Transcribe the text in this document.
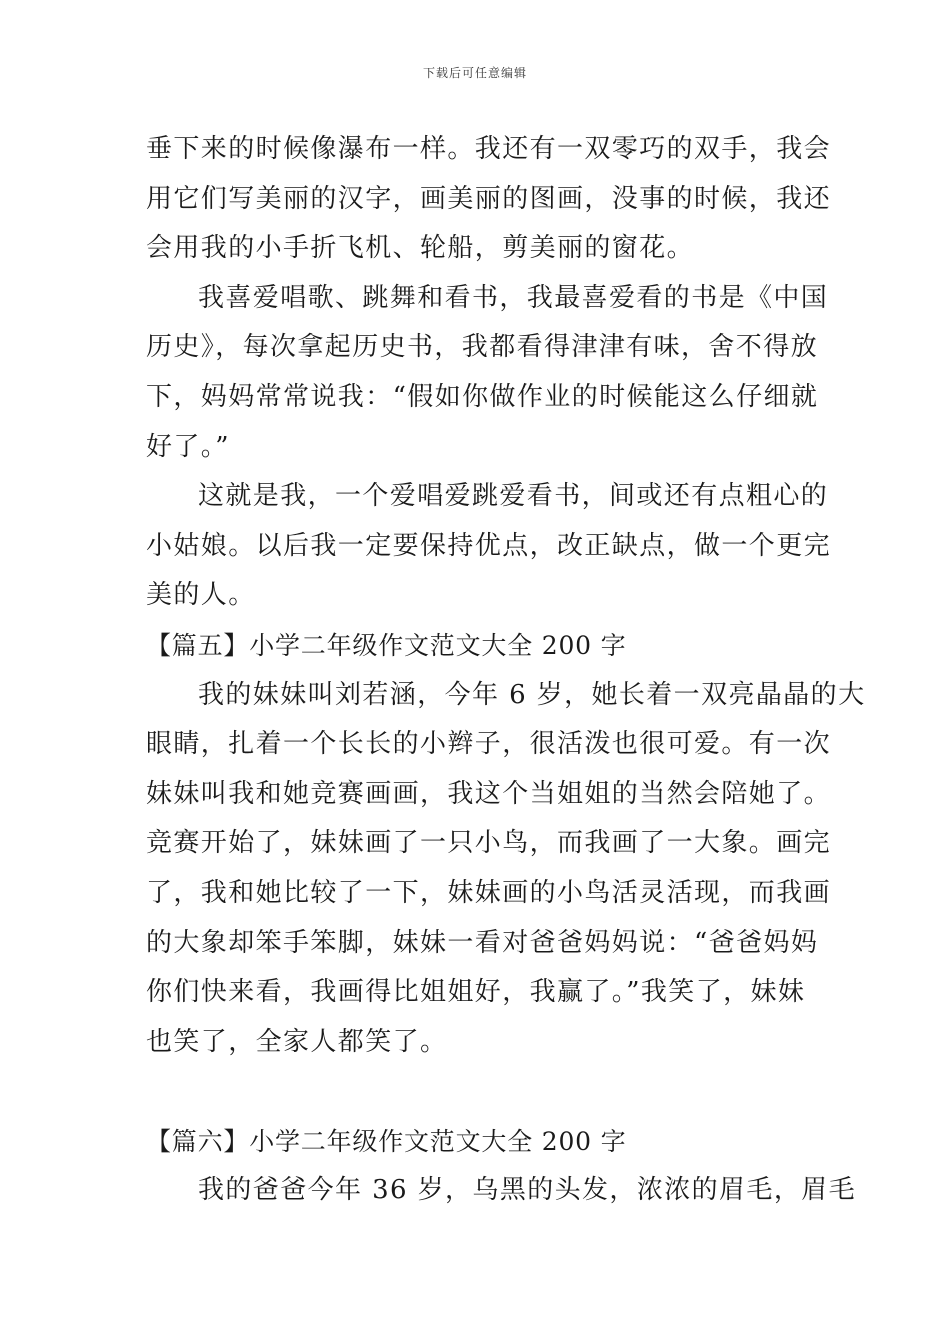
下载后可任意编辑
垂下来的时候像瀑布一样。我还有一双零巧的双手，我会
用它们写美丽的汉字，画美丽的图画，没事的时候，我还
会用我的小手折飞机、轮船，剪美丽的窗花。
我喜爱唱歌、跳舞和看书，我最喜爱看的书是《中国
历史》，每次拿起历史书，我都看得津津有味，舍不得放
下，妈妈常常说我：“假如你做作业的时候能这么仔细就
好了。”
这就是我，一个爱唱爱跳爱看书，间或还有点粗心的
小姑娘。以后我一定要保持优点，改正缺点，做一个更完
美的人。
【篇五】小学二年级作文范文大全 200 字
我的妹妹叫刘若涵，今年 6 岁，她长着一双亮晶晶的大
眼睛，扎着一个长长的小辫子，很活泼也很可爱。有一次
妹妹叫我和她竞赛画画，我这个当姐姐的当然会陪她了。
竞赛开始了，妹妹画了一只小鸟，而我画了一大象。画完
了，我和她比较了一下，妹妹画的小鸟活灵活现，而我画
的大象却笨手笨脚，妹妹一看对爸爸妈妈说：“爸爸妈妈
你们快来看，我画得比姐姐好，我赢了。”我笑了，妹妹
也笑了，全家人都笑了。
【篇六】小学二年级作文范文大全 200 字
我的爸爸今年 36 岁，乌黑的头发，浓浓的眉毛，眉毛
